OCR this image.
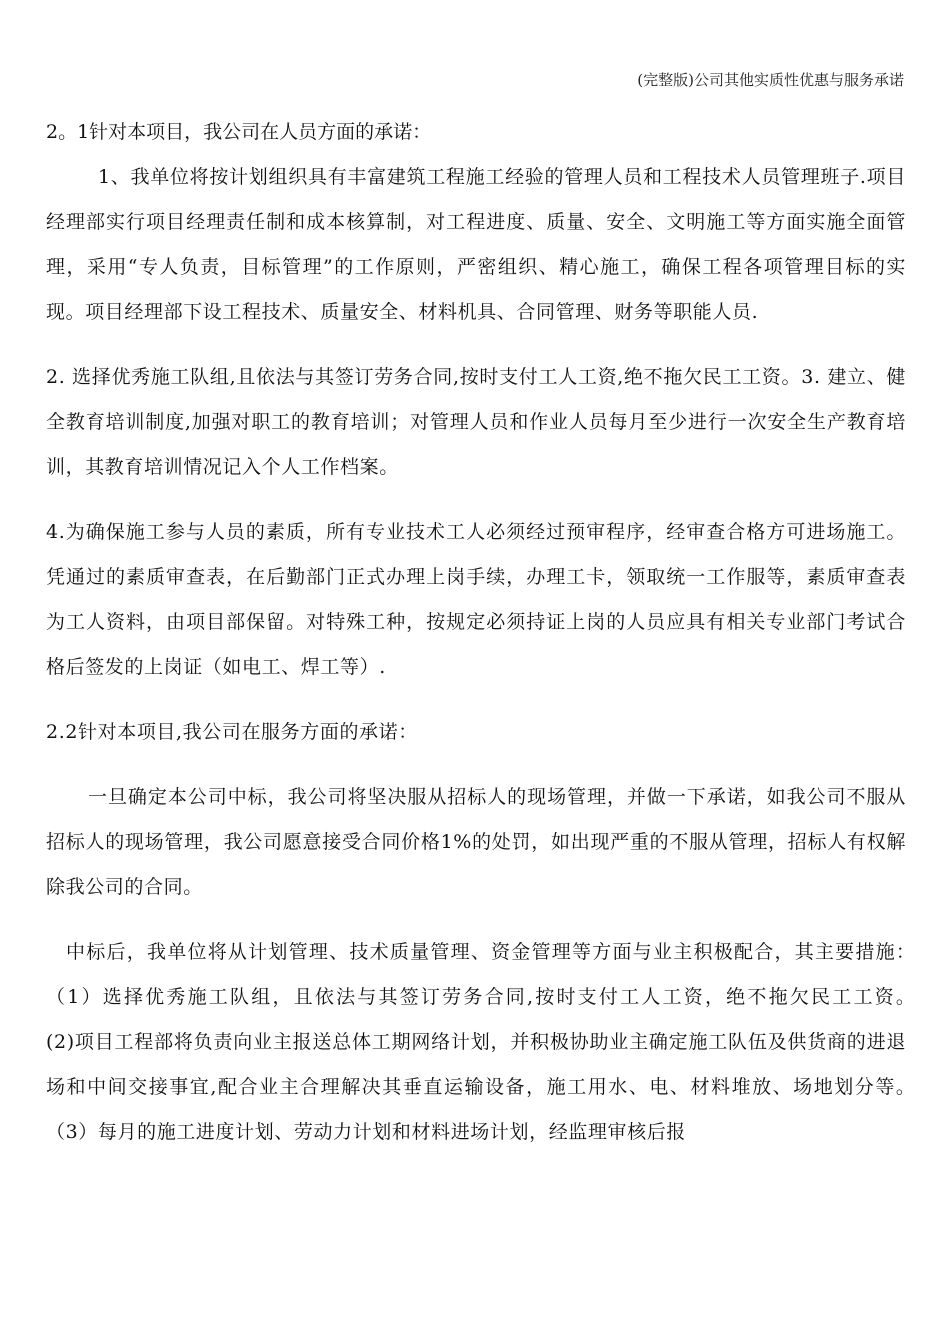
(完整版)公司其他实质性优惠与服务承诺

2。1针对本项目，我公司在人员方面的承诺：

1、我单位将按计划组织具有丰富建筑工程施工经验的管理人员和工程技术人员管理班子.项目经理部实行项目经理责任制和成本核算制，对工程进度、质量、安全、文明施工等方面实施全面管理，采用“专人负责，目标管理”的工作原则，严密组织、精心施工，确保工程各项管理目标的实现。项目经理部下设工程技术、质量安全、材料机具、合同管理、财务等职能人员.

2. 选择优秀施工队组,且依法与其签订劳务合同,按时支付工人工资,绝不拖欠民工工资。3. 建立、健全教育培训制度,加强对职工的教育培训；对管理人员和作业人员每月至少进行一次安全生产教育培训，其教育培训情况记入个人工作档案。

4.为确保施工参与人员的素质，所有专业技术工人必须经过预审程序，经审查合格方可进场施工。凭通过的素质审查表，在后勤部门正式办理上岗手续，办理工卡，领取统一工作服等，素质审查表为工人资料，由项目部保留。对特殊工种，按规定必须持证上岗的人员应具有相关专业部门考试合格后签发的上岗证（如电工、焊工等）.

2.2针对本项目,我公司在服务方面的承诺：

一旦确定本公司中标，我公司将坚决服从招标人的现场管理，并做一下承诺，如我公司不服从招标人的现场管理，我公司愿意接受合同价格1%的处罚，如出现严重的不服从管理，招标人有权解除我公司的合同。

中标后，我单位将从计划管理、技术质量管理、资金管理等方面与业主积极配合，其主要措施：　　（1）选择优秀施工队组，且依法与其签订劳务合同,按时支付工人工资，绝不拖欠民工工资。　　(2)项目工程部将负责向业主报送总体工期网络计划，并积极协助业主确定施工队伍及供货商的进退场和中间交接事宜,配合业主合理解决其垂直运输设备，施工用水、电、材料堆放、场地划分等。　 （3）每月的施工进度计划、劳动力计划和材料进场计划，经监理审核后报
